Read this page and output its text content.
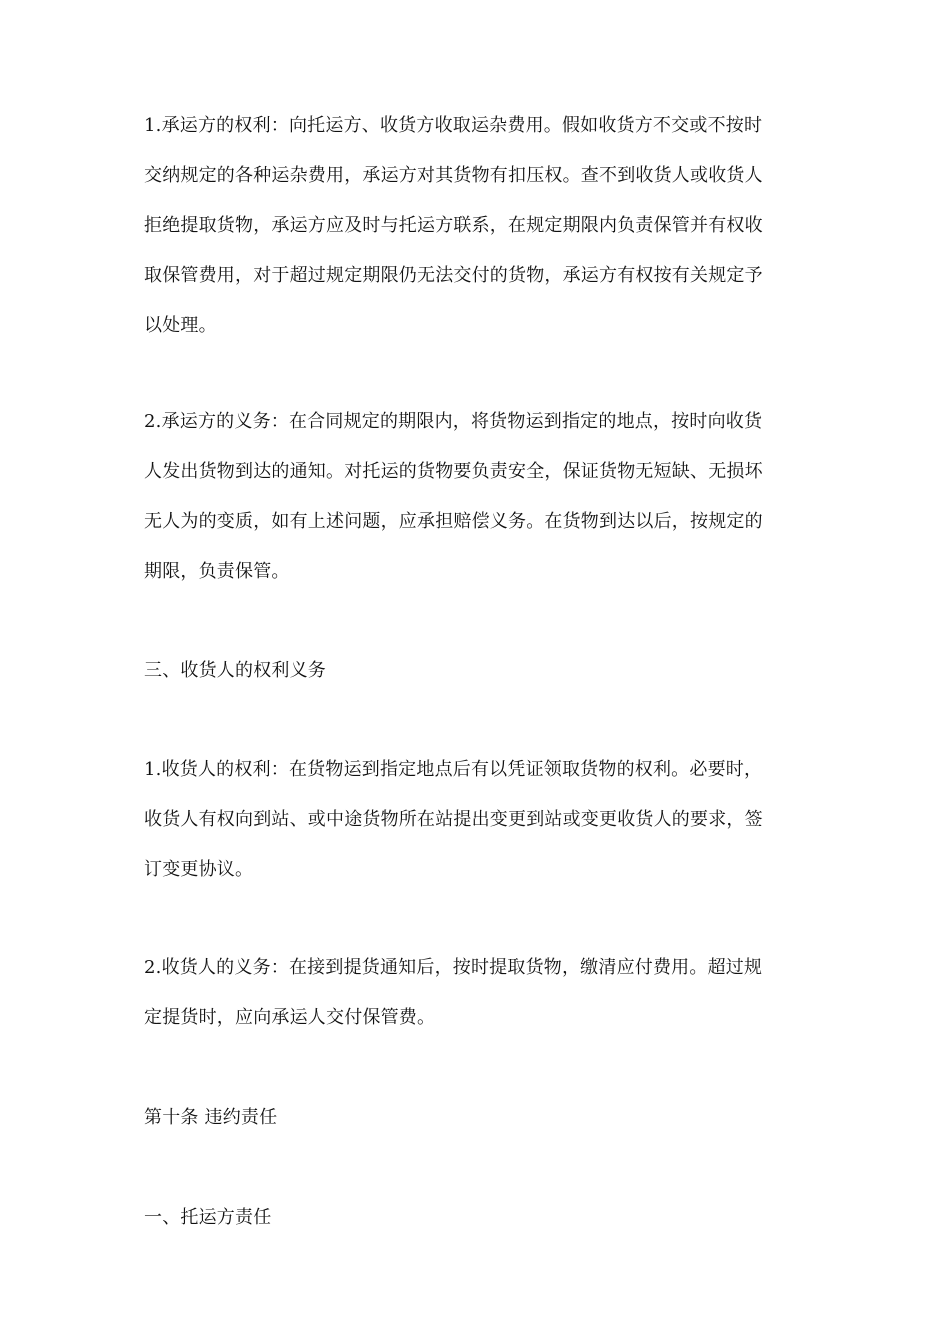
1.承运方的权利：向托运方、收货方收取运杂费用。假如收货方不交或不按时
交纳规定的各种运杂费用，承运方对其货物有扣压权。查不到收货人或收货人
拒绝提取货物，承运方应及时与托运方联系，在规定期限内负责保管并有权收
取保管费用，对于超过规定期限仍无法交付的货物，承运方有权按有关规定予
以处理。

2.承运方的义务：在合同规定的期限内，将货物运到指定的地点，按时向收货
人发出货物到达的通知。对托运的货物要负责安全，保证货物无短缺、无损坏
无人为的变质，如有上述问题，应承担赔偿义务。在货物到达以后，按规定的
期限，负责保管。

三、收货人的权利义务

1.收货人的权利：在货物运到指定地点后有以凭证领取货物的权利。必要时，
收货人有权向到站、或中途货物所在站提出变更到站或变更收货人的要求，签
订变更协议。

2.收货人的义务：在接到提货通知后，按时提取货物，缴清应付费用。超过规
定提货时，应向承运人交付保管费。

第十条 违约责任

一、托运方责任
